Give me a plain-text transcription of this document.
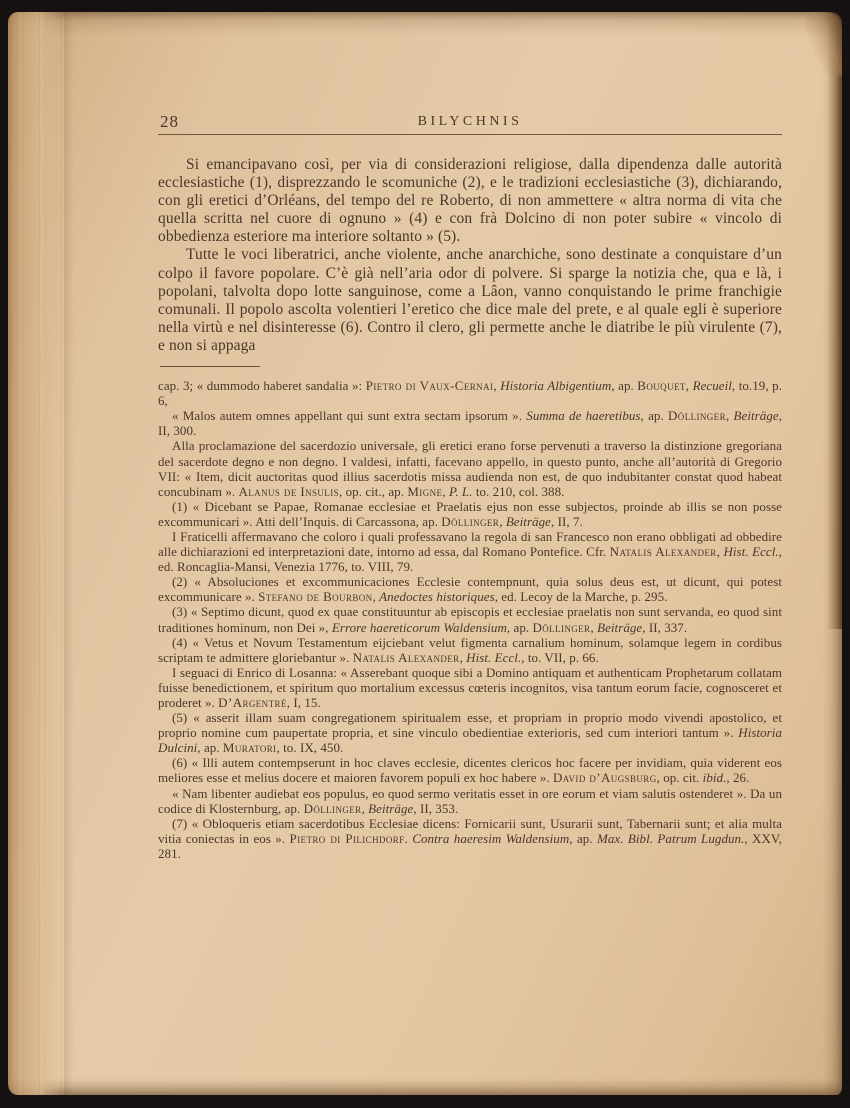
28	BILYCHNIS

Si emancipavano così, per via di considerazioni religiose, dalla dipendenza dalle autorità ecclesiastiche (1), disprezzando le scomuniche (2), e le tradizioni ecclesiastiche (3), dichiarando, con gli eretici d’Orléans, del tempo del re Roberto, di non ammettere « altra norma di vita che quella scritta nel cuore di ognuno » (4) e con frà Dolcino di non poter subire « vincolo di obbedienza esteriore ma interiore soltanto » (5).

Tutte le voci liberatrici, anche violente, anche anarchiche, sono destinate a conquistare d’un colpo il favore popolare. C’è già nell’aria odor di polvere. Si sparge la notizia che, qua e là, i popolani, talvolta dopo lotte sanguinose, come a Lâon, vanno conquistando le prime franchigie comunali. Il popolo ascolta volentieri l’eretico che dice male del prete, e al quale egli è superiore nella virtù e nel disinteresse (6). Contro il clero, gli permette anche le diatribe le più virulente (7), e non si appaga

cap. 3; « dummodo haberet sandalia »: Pietro di Vaux-Cernai, Historia Albigentium, ap. Bouquet, Recueil, to.19, p. 6,

« Malos autem omnes appellant qui sunt extra sectam ipsorum ». Summa de haeretibus, ap. Döllinger, Beiträge, II, 300.

Alla proclamazione del sacerdozio universale, gli eretici erano forse pervenuti a traverso la distinzione gregoriana del sacerdote degno e non degno. I valdesi, infatti, facevano appello, in questo punto, anche all’autorità di Gregorio VII: « Item, dicit auctoritas quod illius sacerdotis missa audienda non est, de quo indubitanter constat quod habeat concubinam ». Alanus de Insulis, op. cit., ap. Migne, P. L. to. 210, col. 388.

(1) « Dicebant se Papae, Romanae ecclesiae et Praelatis ejus non esse subjectos, proinde ab illis se non posse excommunicari ». Atti dell’Inquis. di Carcassona, ap. Döllinger, Beiträge, II, 7.

I Fraticelli affermavano che coloro i quali professavano la regola di san Francesco non erano obbligati ad obbedire alle dichiarazioni ed interpretazioni date, intorno ad essa, dal Romano Pontefice. Cfr. Natalis Alexander, Hist. Eccl., ed. Roncaglia-Mansi, Venezia 1776, to. VIII, 79.

(2) « Absoluciones et excommunicaciones Ecclesie contempnunt, quia solus deus est, ut dicunt, qui potest excommunicare ». Stefano de Bourbon, Anedoctes historiques, ed. Lecoy de la Marche, p. 295.

(3) « Septimo dicunt, quod ex quae constituuntur ab episcopis et ecclesiae praelatis non sunt servanda, eo quod sint traditiones hominum, non Dei », Errore haereticorum Waldensium, ap. Döllinger, Beiträge, II, 337.

(4) « Vetus et Novum Testamentum eijciebant velut figmenta carnalium hominum, solamque legem in cordibus scriptam te admittere gloriebantur ». Natalis Alexander, Hist. Eccl., to. VII, p. 66.

I seguaci di Enrico di Losanna: « Asserebant quoque sibi a Domino antiquam et authenticam Prophetarum collatam fuisse benedictionem, et spiritum quo mortalium excessus cœteris incognitos, visa tantum eorum facie, cognosceret et proderet ». D’Argentré, I, 15.

(5) « asserit illam suam congregationem spiritualem esse, et propriam in proprio modo vivendi apostolico, et proprio nomine cum paupertate propria, et sine vinculo obedientiae exterioris, sed cum interiori tantum ». Historia Dulcini, ap. Muratori, to. IX, 450.

(6) « Illi autem contempserunt in hoc claves ecclesie, dicentes clericos hoc facere per invidiam, quia viderent eos meliores esse et melius docere et maioren favorem populi ex hoc habere ». David d’Augsburg, op. cit. ibid., 26.

« Nam libenter audiebat eos populus, eo quod sermo veritatis esset in ore eorum et viam salutis ostenderet ». Da un codice di Klosternburg, ap. Döllinger, Beiträge, II, 353.

(7) « Obloqueris etiam sacerdotibus Ecclesiae dicens: Fornicarii sunt, Usurarii sunt, Tabernarii sunt; et alia multa vitia coniectas in eos ». Pietro di Pilichdorf. Contra haeresim Waldensium, ap. Max. Bibl. Patrum Lugdun., XXV, 281.
